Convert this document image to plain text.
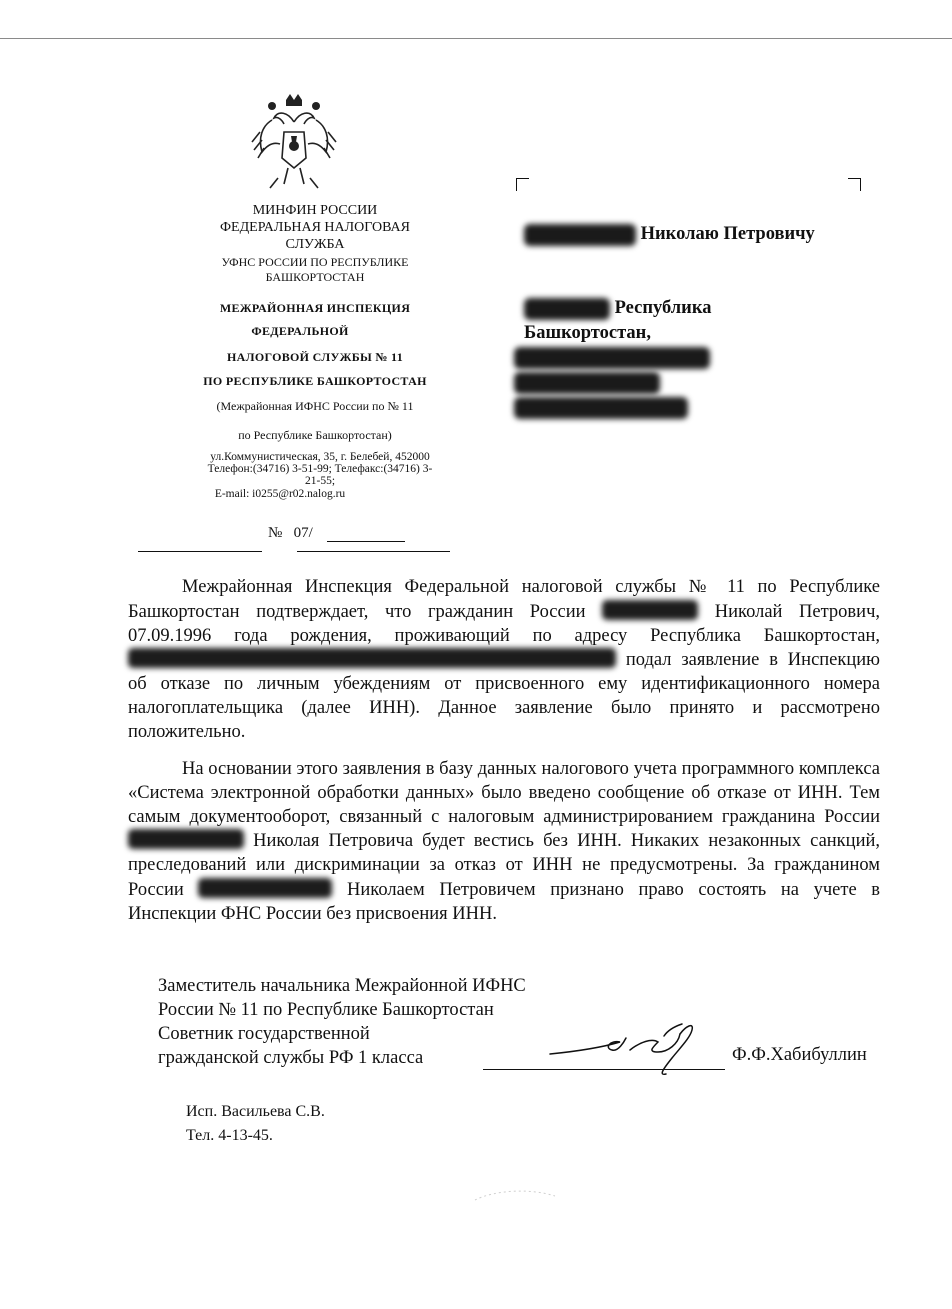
МИНФИН РОССИИ
ФЕДЕРАЛЬНАЯ НАЛОГОВАЯ
СЛУЖБА
УФНС РОССИИ ПО РЕСПУБЛИКЕ
БАШКОРТОСТАН
МЕЖРАЙОННАЯ ИНСПЕКЦИЯ
ФЕДЕРАЛЬНОЙ
НАЛОГОВОЙ СЛУЖБЫ № 11
ПО РЕСПУБЛИКЕ БАШКОРТОСТАН
(Межрайонная ИФНС России по № 11
по Республике Башкортостан)
ул.Коммунистическая, 35, г. Белебей, 452000
Телефон:(34716) 3-51-99; Телефакс:(34716) 3-
21-55;
E-mail: i0255@r02.nalog.ru
№ 07/
Николаю Петровичу
Республика
Башкортостан,
Межрайонная Инспекция Федеральной налоговой службы № 11 по Республике Башкортостан подтверждает, что гражданин России	Николай Петрович, 07.09.1996 года рождения, проживающий по адресу Республика Башкортостан,  подал заявление в Инспекцию об отказе по личным убеждениям от присвоенного ему идентификационного номера налогоплательщика (далее ИНН). Данное заявление было принято и рассмотрено положительно.
На основании этого заявления в базу данных налогового учета программного комплекса «Система электронной обработки данных» было введено сообщение об отказе от ИНН. Тем самым документооборот, связанный с налоговым администрированием гражданина России  Николая Петровича будет вестись без ИНН. Никаких незаконных санкций, преследований или дискриминации за отказ от ИНН не предусмотрены. За гражданином России	Николаем Петровичем признано право состоять на учете в Инспекции ФНС России без присвоения ИНН.
Заместитель начальника Межрайонной ИФНС
России № 11 по Республике Башкортостан
Советник государственной
гражданской службы РФ 1 класса	Ф.Ф.Хабибуллин
Исп. Васильева С.В.
Тел. 4-13-45.
